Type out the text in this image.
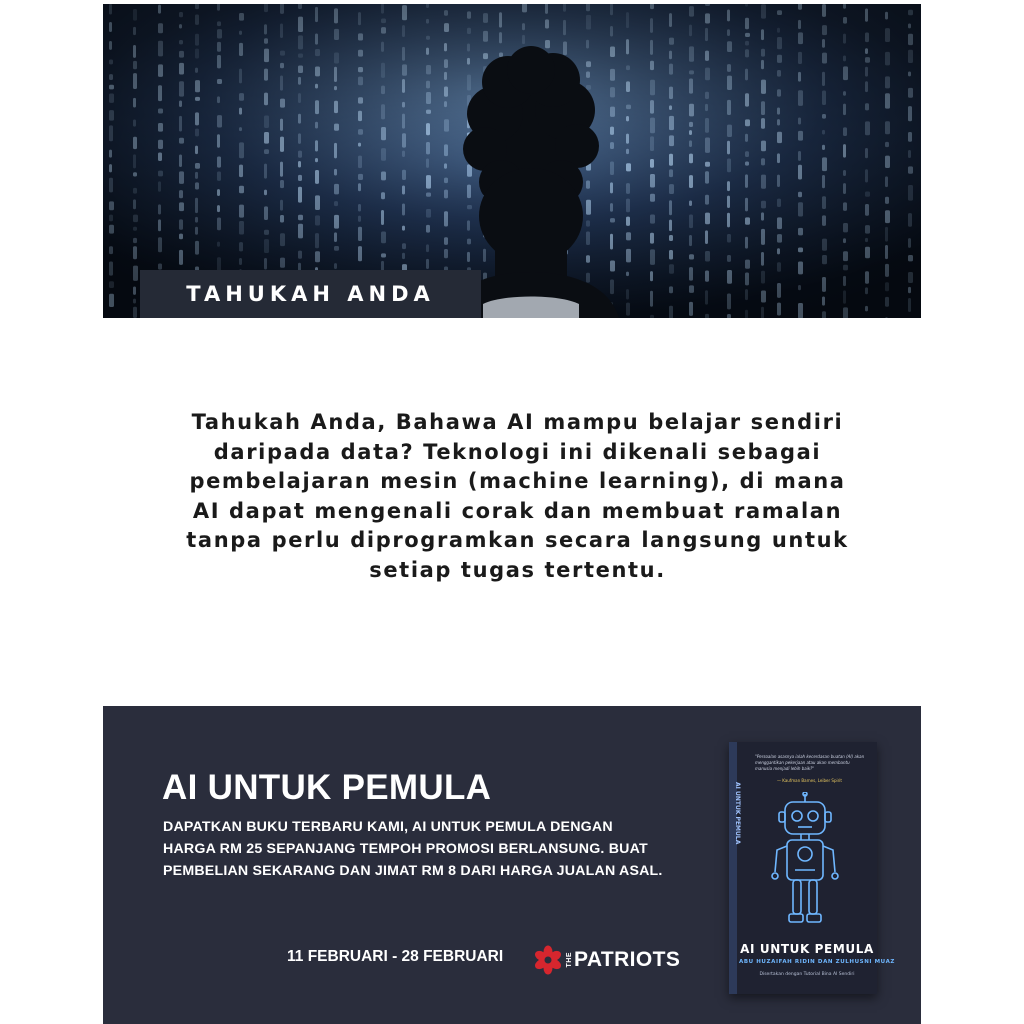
TAHUKAH ANDA

Tahukah Anda, Bahawa AI mampu belajar sendiri daripada data? Teknologi ini dikenali sebagai pembelajaran mesin (machine learning), di mana AI dapat mengenali corak dan membuat ramalan tanpa perlu diprogramkan secara langsung untuk setiap tugas tertentu.

AI UNTUK PEMULA

DAPATKAN BUKU TERBARU KAMI, AI UNTUK PEMULA DENGAN HARGA RM 25 SEPANJANG TEMPOH PROMOSI BERLANSUNG. BUAT PEMBELIAN SEKARANG DAN JIMAT RM 8 DARI HARGA JUALAN ASAL.

11 FEBRUARI - 28 FEBRUARI	THE PATRIOTS
AI UNTUK PEMULA

"Persoalan asasnya ialah kecerdasan buatan (AI) akan menggantikan pekerjaan atau akan membantu manusia menjadi lebih baik?"

— Kaufman Barnes, Leiber Spirit
AI UNTUK PEMULA
ABU HUZAIFAH RIDIN DAN ZULHUSNI MUAZ
Disertakan dengan Tutorial Bina AI Sendiri
